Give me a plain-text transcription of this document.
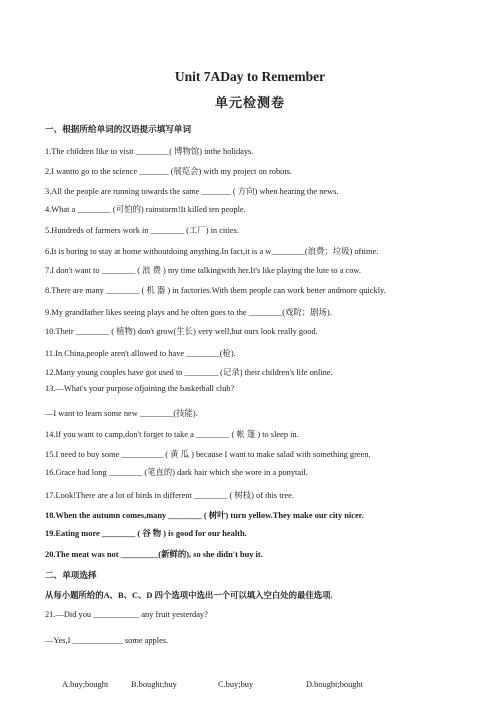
Unit 7ADay to Remember
单元检测卷
一、根据所给单词的汉语提示填写单词
1.The children like to visit ________( 博物馆) inthe holidays.
2.I wantto go to the science _______ (展览会) with my project on robots.
3.All the people are running towards the same _______ ( 方向) when hearing the news.
4.What a ________ (可怕的) rainstorm!It killed ten people.
5.Hundreds of farmers work in ________ (工厂) in cities.
6.It is boring to stay at home withoutdoing anything.In fact,it is a w________(浪费；垃圾) oftime.
7.I don't want to ________ ( 浪 费 ) my time talkingwith her.It's like playing the lute to a cow.
8.There are many ________ ( 机 器 ) in factories.With them people can work better andmore quickly.
9.My grandfather likes seeing plays and he often goes to the ________(戏院；剧场).
10.Their ________ ( 植物) don't grow(生长) very well,but ours look really good.
11.In China,people aren't allowed to have ________(枪).
12.Many young couples have got used to ________ (记录) their children's life online.
13.—What's your purpose ofjoining the basketball club?
—I want to learn some new ________(技能).
14.If you want to camp,don't forget to take a ________ ( 帐 篷 ) to sleep in.
15.I need to buy some __________ ( 黄 瓜 ) because I want to make salad with something green.
16.Grace had long ________ (笔直的) dark hair which she wore in a ponytail.
17.Look!There are a lot of birds in different ________ ( 树枝) of this tree.
18.When the autumn comes,many ________ ( 树叶) turn yellow.They make our city nicer.
19.Eating more ________ ( 谷 物 ) is good for our health.
20.The meat was not _________(新鲜的), so she didn't buy it.
二、单项选择
从每小题所给的A、B、C、D 四个选项中选出一个可以填入空白处的最佳选项.
21.—Did you ___________ any fruit yesterday?
—Yes,I ____________ some apples.
A.buy;bought	B.bought;buy	C.buy;buy	D.bought;bought
